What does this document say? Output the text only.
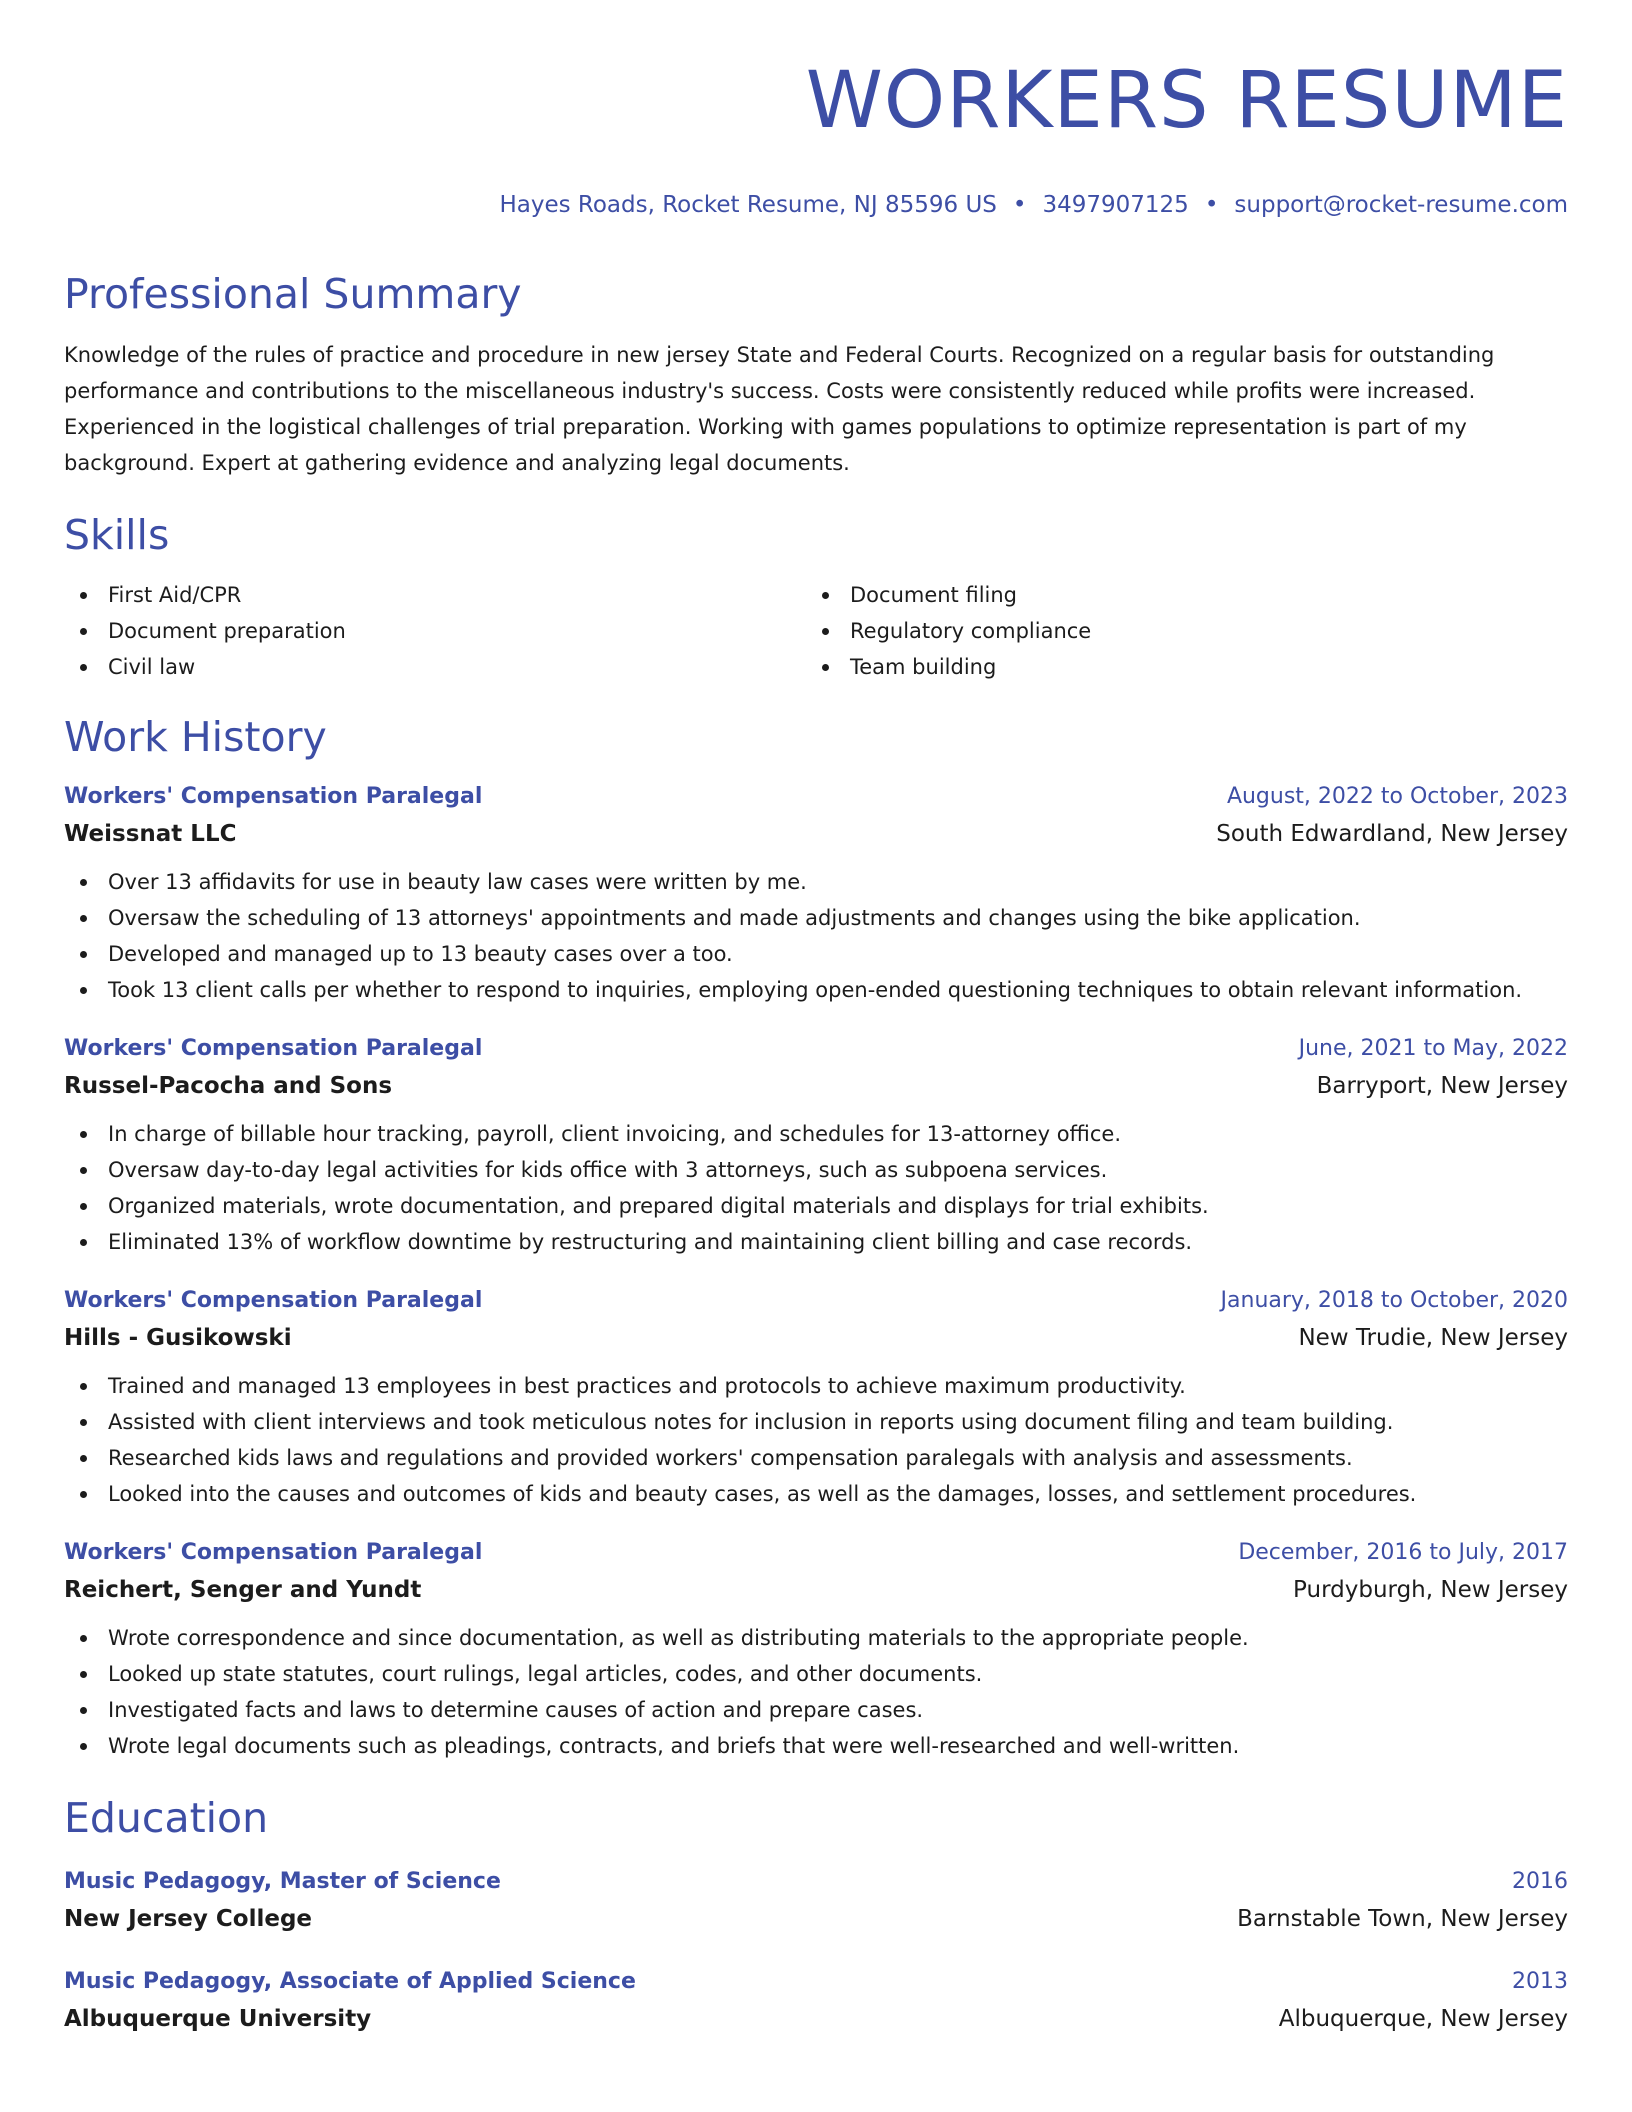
WORKERS RESUME
Hayes Roads, Rocket Resume, NJ 85596 US • 3497907125 • support@rocket-resume.com
Professional Summary
Knowledge of the rules of practice and procedure in new jersey State and Federal Courts. Recognized on a regular basis for outstanding performance and contributions to the miscellaneous industry's success. Costs were consistently reduced while profits were increased. Experienced in the logistical challenges of trial preparation. Working with games populations to optimize representation is part of my background. Expert at gathering evidence and analyzing legal documents.
Skills
First Aid/CPR
Document preparation
Civil law
Document filing
Regulatory compliance
Team building
Work History
Workers' Compensation Paralegal	August, 2022 to October, 2023
Weissnat LLC	South Edwardland, New Jersey
Over 13 affidavits for use in beauty law cases were written by me.
Oversaw the scheduling of 13 attorneys' appointments and made adjustments and changes using the bike application.
Developed and managed up to 13 beauty cases over a too.
Took 13 client calls per whether to respond to inquiries, employing open-ended questioning techniques to obtain relevant information.
Workers' Compensation Paralegal	June, 2021 to May, 2022
Russel-Pacocha and Sons	Barryport, New Jersey
In charge of billable hour tracking, payroll, client invoicing, and schedules for 13-attorney office.
Oversaw day-to-day legal activities for kids office with 3 attorneys, such as subpoena services.
Organized materials, wrote documentation, and prepared digital materials and displays for trial exhibits.
Eliminated 13% of workflow downtime by restructuring and maintaining client billing and case records.
Workers' Compensation Paralegal	January, 2018 to October, 2020
Hills - Gusikowski	New Trudie, New Jersey
Trained and managed 13 employees in best practices and protocols to achieve maximum productivity.
Assisted with client interviews and took meticulous notes for inclusion in reports using document filing and team building.
Researched kids laws and regulations and provided workers' compensation paralegals with analysis and assessments.
Looked into the causes and outcomes of kids and beauty cases, as well as the damages, losses, and settlement procedures.
Workers' Compensation Paralegal	December, 2016 to July, 2017
Reichert, Senger and Yundt	Purdyburgh, New Jersey
Wrote correspondence and since documentation, as well as distributing materials to the appropriate people.
Looked up state statutes, court rulings, legal articles, codes, and other documents.
Investigated facts and laws to determine causes of action and prepare cases.
Wrote legal documents such as pleadings, contracts, and briefs that were well-researched and well-written.
Education
Music Pedagogy, Master of Science	2016
New Jersey College	Barnstable Town, New Jersey
Music Pedagogy, Associate of Applied Science	2013
Albuquerque University	Albuquerque, New Jersey
